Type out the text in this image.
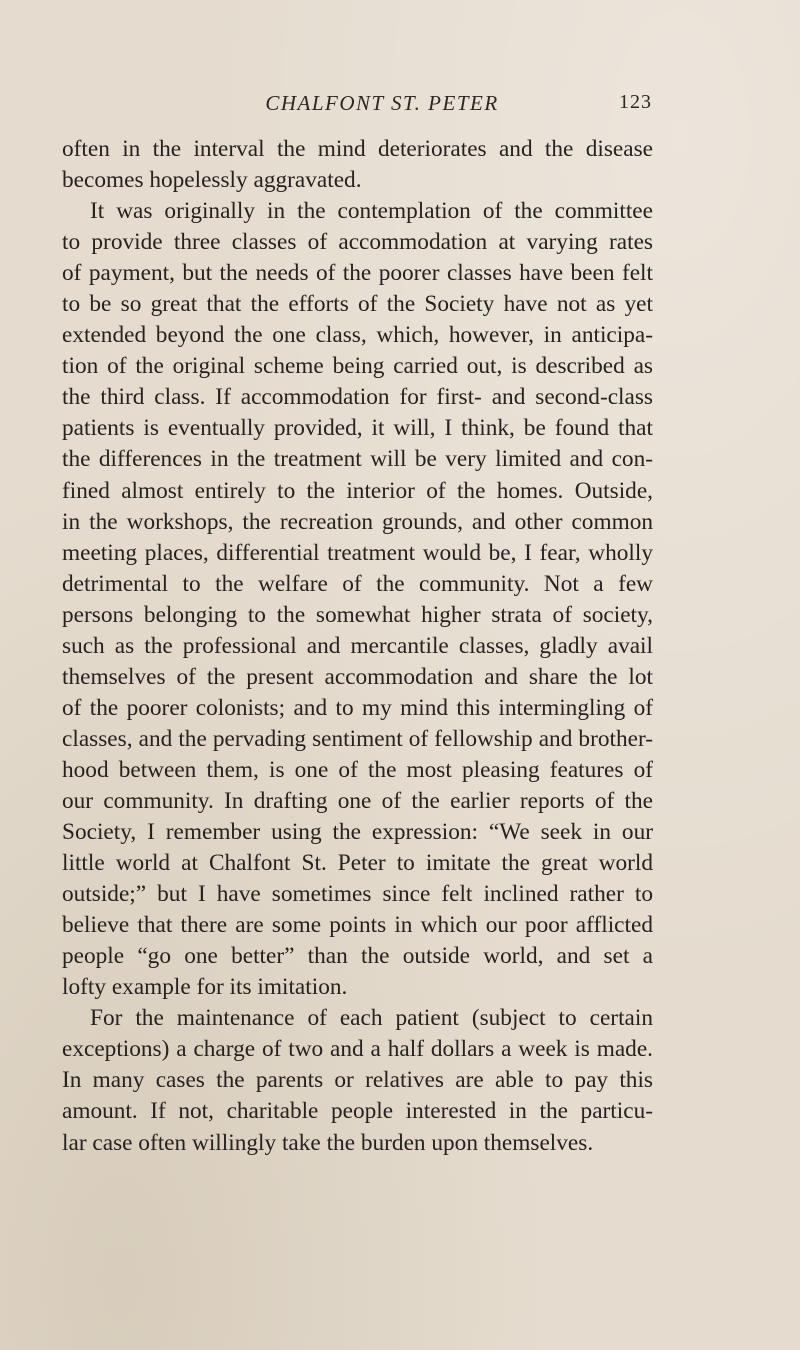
CHALFONT ST. PETER	123
often in the interval the mind deteriorates and the disease
becomes hopelessly aggravated.
It was originally in the contemplation of the committee
to provide three classes of accommodation at varying rates
of payment, but the needs of the poorer classes have been felt
to be so great that the efforts of the Society have not as yet
extended beyond the one class, which, however, in anticipa-
tion of the original scheme being carried out, is described as
the third class. If accommodation for first- and second-class
patients is eventually provided, it will, I think, be found that
the differences in the treatment will be very limited and con-
fined almost entirely to the interior of the homes. Outside,
in the workshops, the recreation grounds, and other common
meeting places, differential treatment would be, I fear, wholly
detrimental to the welfare of the community. Not a few
persons belonging to the somewhat higher strata of society,
such as the professional and mercantile classes, gladly avail
themselves of the present accommodation and share the lot
of the poorer colonists; and to my mind this intermingling of
classes, and the pervading sentiment of fellowship and brother-
hood between them, is one of the most pleasing features of
our community. In drafting one of the earlier reports of the
Society, I remember using the expression: “We seek in our
little world at Chalfont St. Peter to imitate the great world
outside;” but I have sometimes since felt inclined rather to
believe that there are some points in which our poor afflicted
people “go one better” than the outside world, and set a
lofty example for its imitation.
For the maintenance of each patient (subject to certain
exceptions) a charge of two and a half dollars a week is made.
In many cases the parents or relatives are able to pay this
amount. If not, charitable people interested in the particu-
lar case often willingly take the burden upon themselves.
